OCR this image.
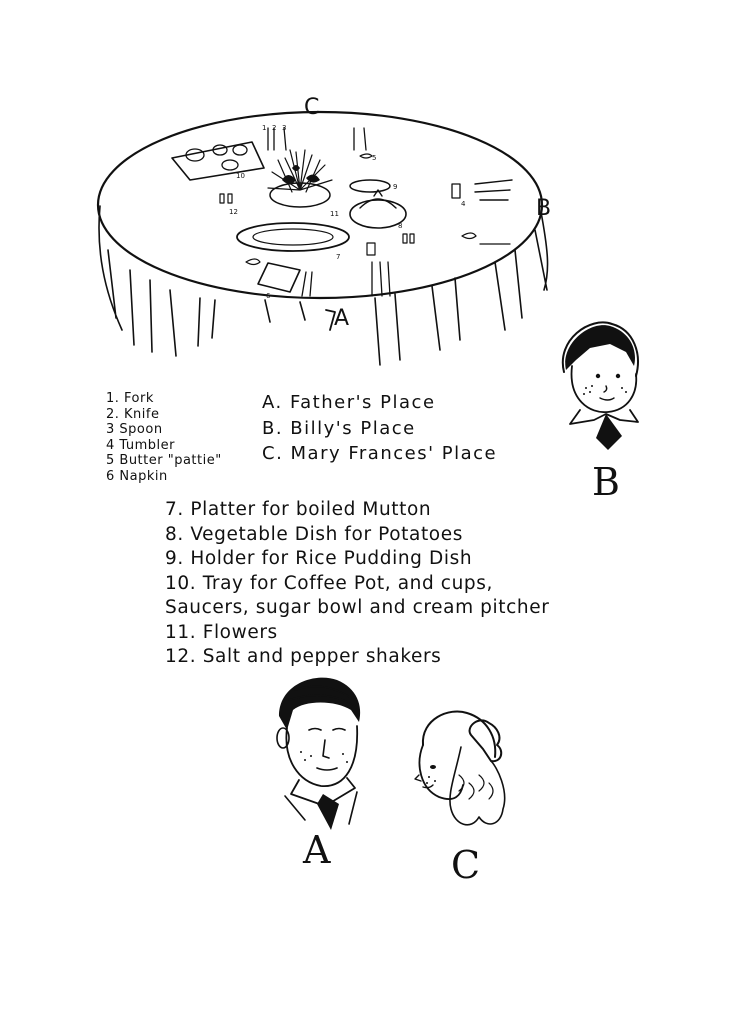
1 2 3
4
5
6
7
8
9
10
11
12
C
B
A
1. Fork
2. Knife
3 Spoon
4 Tumbler
5 Butter "pattie"
6 Napkin
A. Father's Place
B. Billy's Place
C. Mary Frances' Place
7. Platter for boiled Mutton
8. Vegetable Dish for Potatoes
9. Holder for Rice Pudding Dish
10. Tray for Coffee Pot, and cups,
Saucers, sugar bowl and cream pitcher
11. Flowers
12. Salt and pepper shakers
B
A	C
